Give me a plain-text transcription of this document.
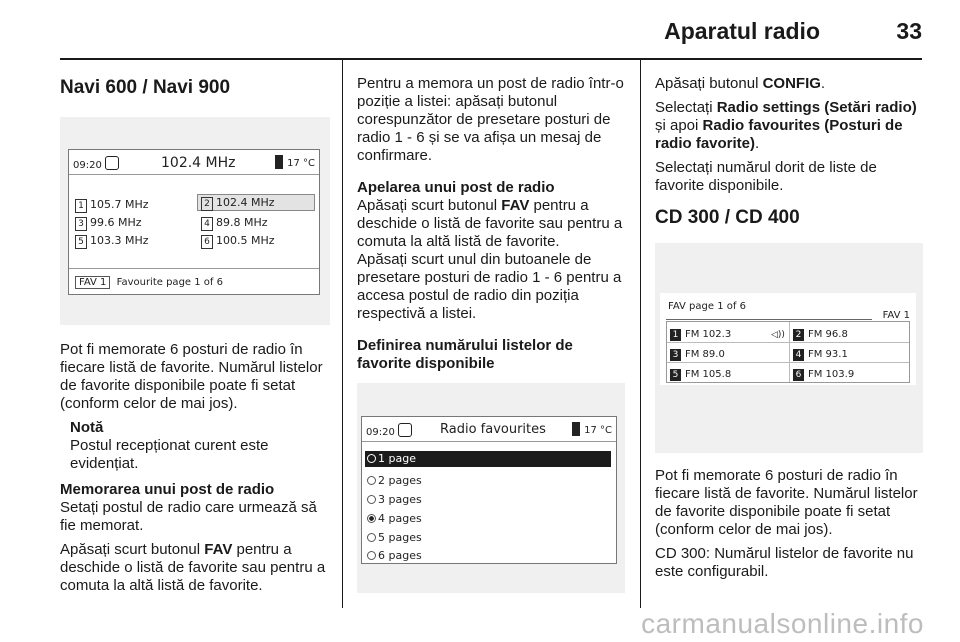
Aparatul radio	33
Navi 600 / Navi 900
09:20	102.4 MHz	17 °C
1 105.7 MHz	2 102.4 MHz
3 99.6 MHz	4 89.8 MHz
5 103.3 MHz	6 100.5 MHz
FAV 1 Favourite page 1 of 6

Pot fi memorate 6 posturi de radio în fiecare listă de favorite. Numărul listelor de favorite disponibile poate fi setat (conform celor de mai jos).

Notă
Postul recepționat curent este evidențiat.
Memorarea unui post de radio

Setați postul de radio care urmează să fie memorat.

Apăsați scurt butonul FAV pentru a deschide o listă de favorite sau pentru a comuta la altă listă de favorite.

Pentru a memora un post de radio într-o poziție a listei: apăsați butonul corespunzător de presetare posturi de radio 1 - 6 și se va afișa un mesaj de confirmare.

Apelarea unui post de radio

Apăsați scurt butonul FAV pentru a deschide o listă de favorite sau pentru a comuta la altă listă de favorite.

Apăsați scurt unul din butoanele de presetare posturi de radio 1 - 6 pentru a accesa postul de radio din poziția respectivă a listei.

Definirea numărului listelor de favorite disponibile
09:20	Radio favourites	17 °C
1 page
2 pages
3 pages
4 pages
5 pages
6 pages

Apăsați butonul CONFIG.

Selectați Radio settings (Setări radio) și apoi Radio favourites (Posturi de radio favorite).

Selectați numărul dorit de liste de favorite disponibile.

CD 300 / CD 400
FAV page 1 of 6
FAV 1
1 FM 102.3	◁)) 2 FM 96.8
3 FM 89.0	4 FM 93.1
5 FM 105.8	6 FM 103.9

Pot fi memorate 6 posturi de radio în fiecare listă de favorite. Numărul listelor de favorite disponibile poate fi setat (conform celor de mai jos).

CD 300: Numărul listelor de favorite nu este configurabil.

carmanualsonline.info
